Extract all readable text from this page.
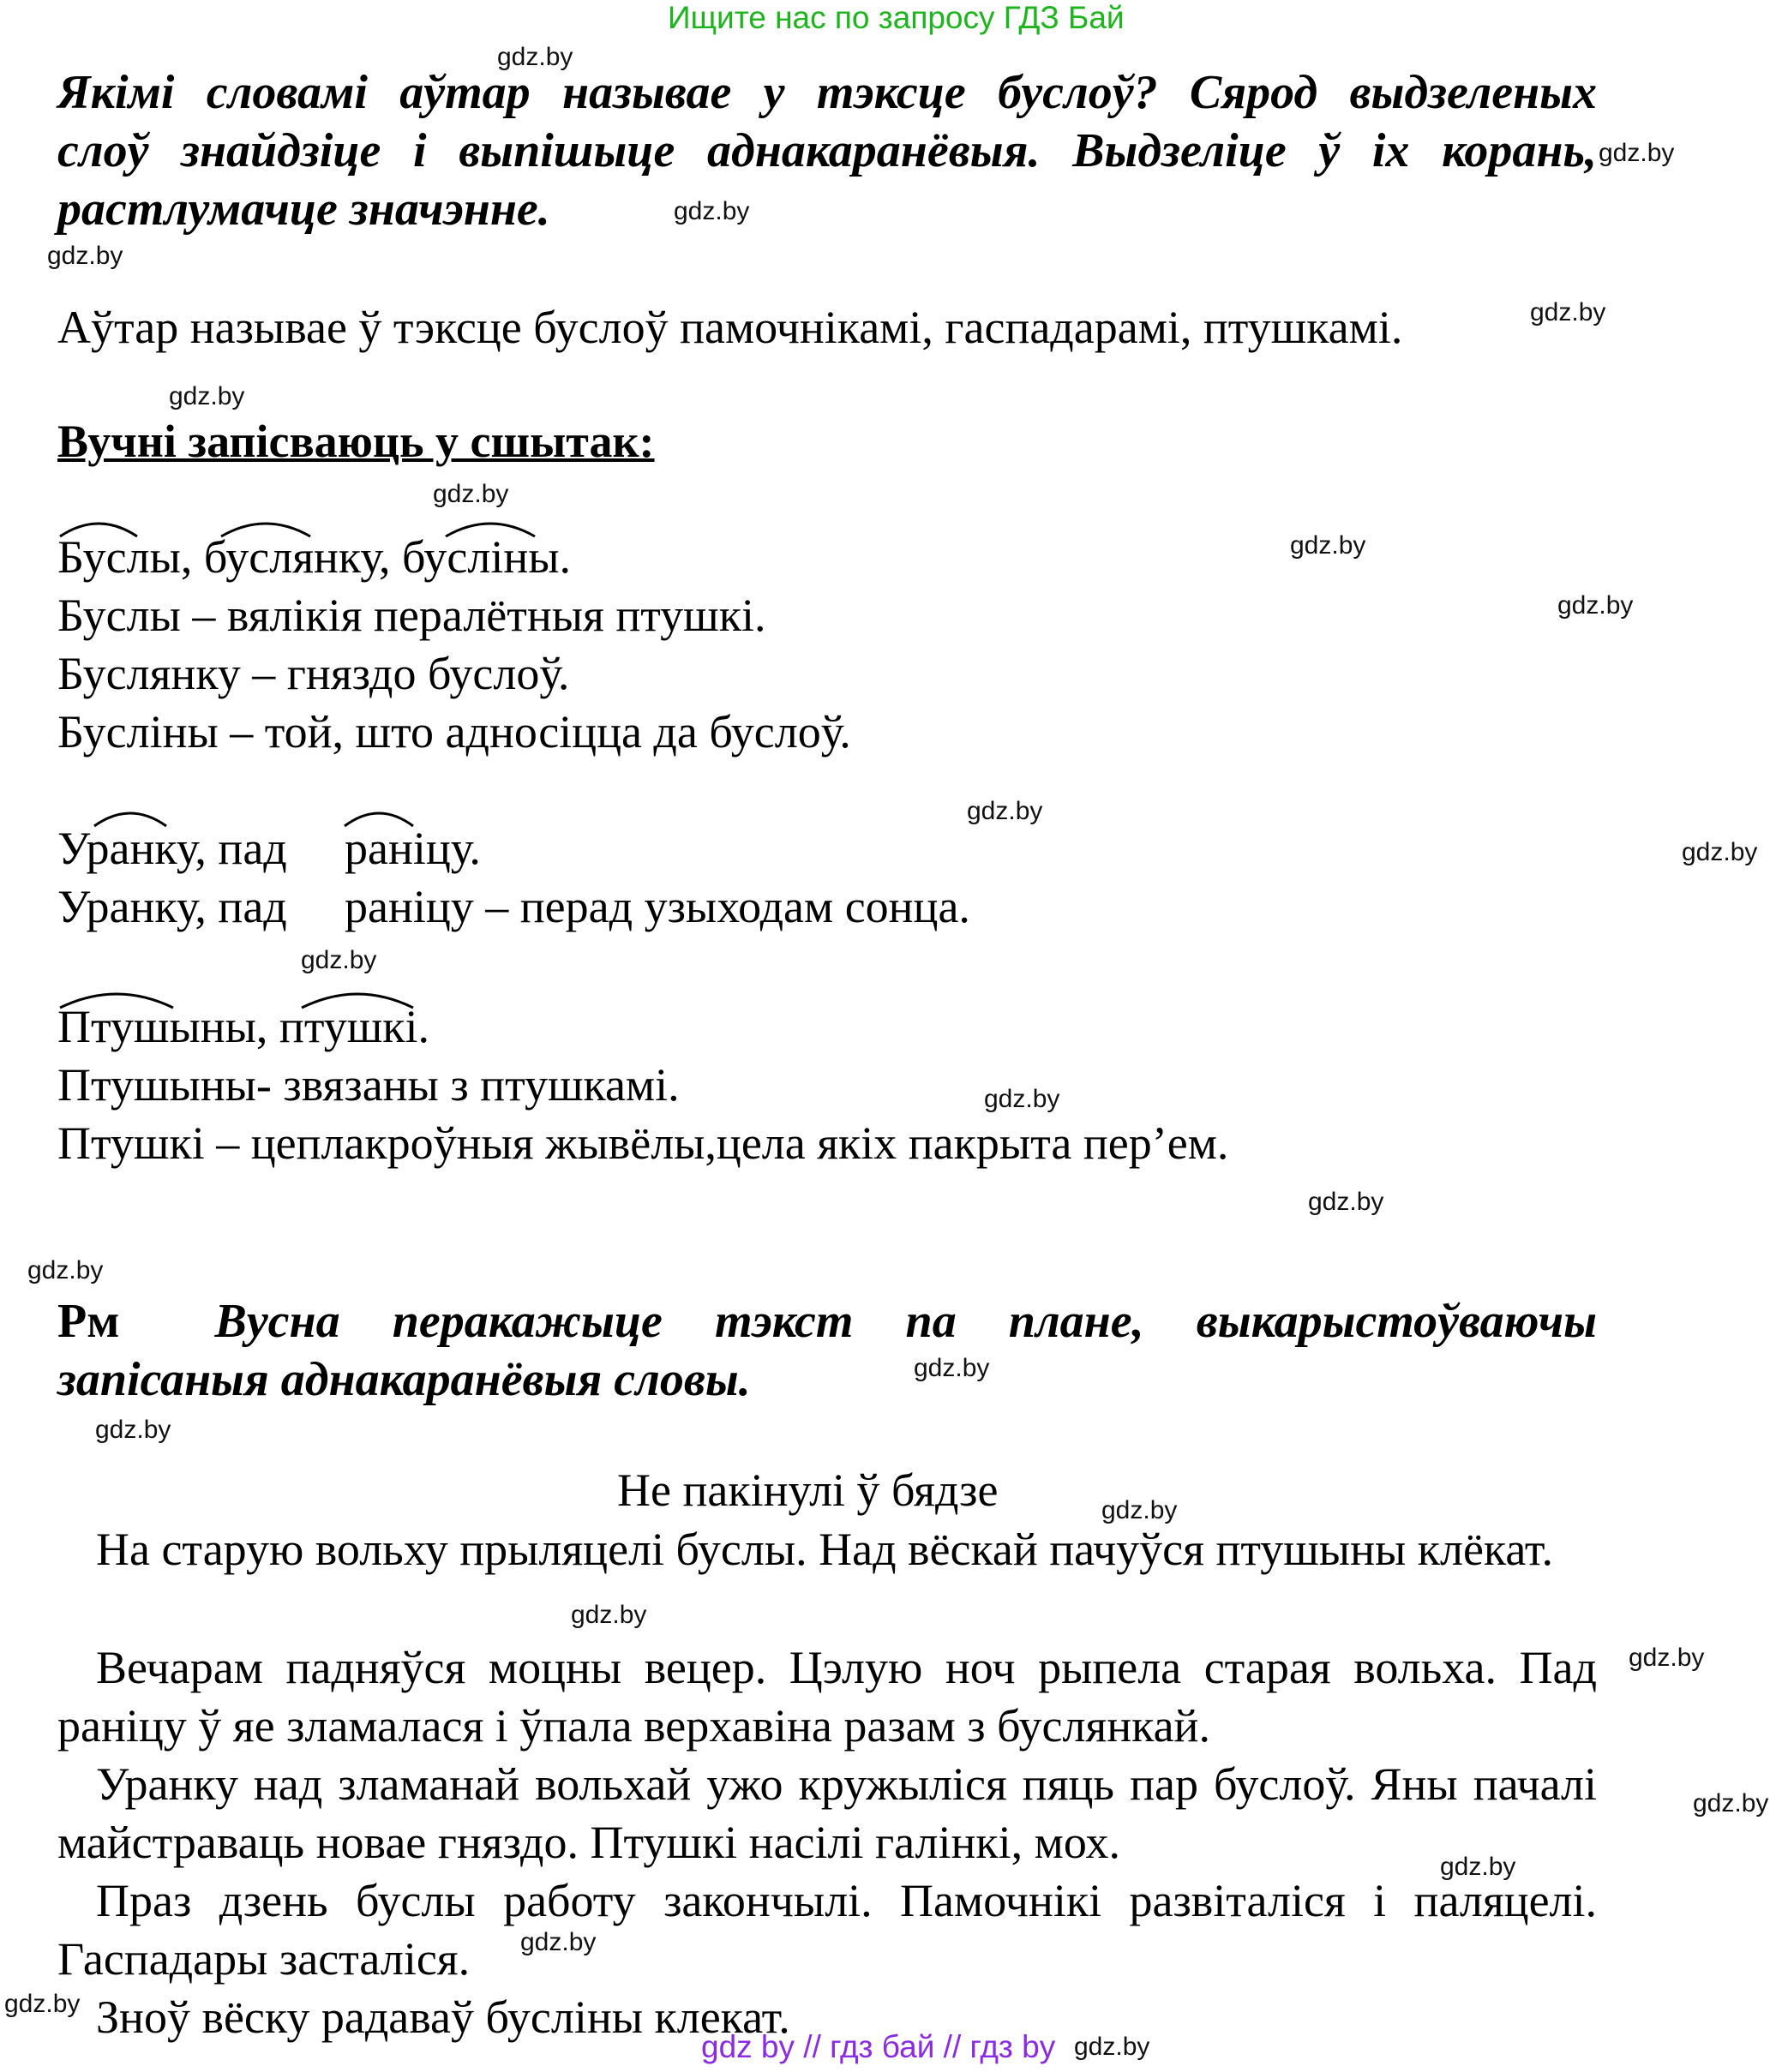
Ищите нас по запросу ГДЗ Бай
Якімі словамі аўтар называе у тэксце буслоў? Сярод выдзеленых
слоў знайдзіце і выпішыце аднакаранёвыя. Выдзеліце ў іх корань,
растлумачце значэнне.
Аўтар называе ў тэксце буслоў памочнікамі, гаспадарамі, птушкамі.
Вучні запісваюць у сшытак:
Буслы, буслянку, бусліны.
Буслы – вялікія пералётныя птушкі.
Буслянку – гняздо буслоў.
Бусліны – той, што адносіцца да буслоў.
Уранку, пад раніцу.
Уранку, пад раніцу – перад узыходам сонца.
Птушыны, птушкі.
Птушыны- звязаны з птушкамі.
Птушкі – цеплакроўныя жывёлы,цела якіх пакрыта пер’ем.
Рм Вусна перакажыце тэкст па плане, выкарыстоўваючы
запісаныя аднакаранёвыя словы.
Не пакінулі ў бядзе
На старую вольху прыляцелі буслы. Над вёскай пачуўся птушыны клёкат.
Вечарам падняўся моцны вецер. Цэлую ноч рыпела старая вольха. Пад раніцу ў яе зламалася і ўпала верхавіна разам з буслянкай.
Уранку над зламанай вольхай ужо кружыліся пяць пар буслоў. Яны пачалі майстраваць новае гняздо. Птушкі насілі галінкі, мох.
Праз дзень буслы работу закончылі. Памочнікі развіталіся і паляцелі. Гаспадары засталіся.
Зноў вёску радаваў бусліны клекат.
gdz by // гдз бай // гдз by
gdz.by
gdz.by
gdz.by
gdz.by
gdz.by
gdz.by
gdz.by
gdz.by
gdz.by
gdz.by
gdz.by
gdz.by
gdz.by
gdz.by
gdz.by
gdz.by
gdz.by
gdz.by
gdz.by
gdz.by
gdz.by
gdz.by
gdz.by
gdz.by
gdz.by
